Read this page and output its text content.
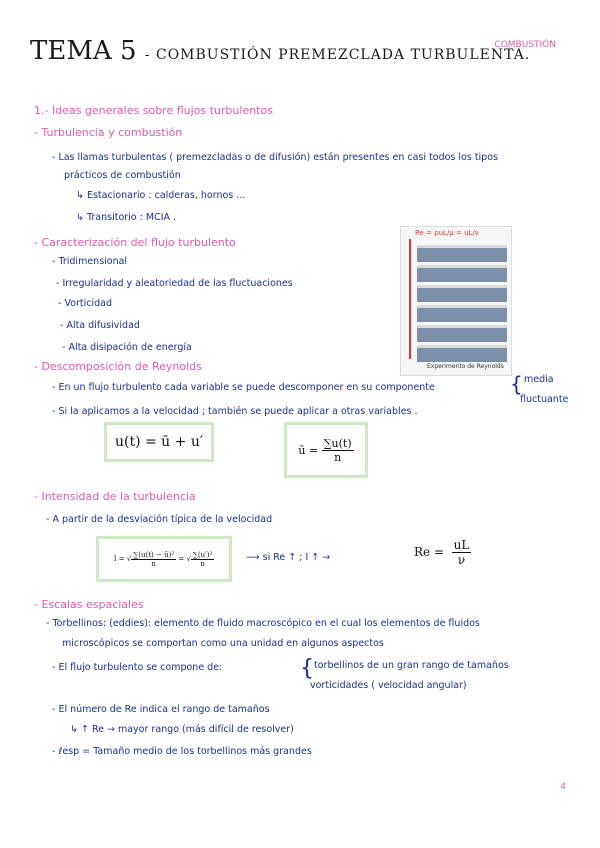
COMBUSTIÓN
TEMA 5 - COMBUSTIÓN PREMEZCLADA TURBULENTA.
1.- Ideas generales sobre flujos turbulentos
- Turbulencia y combustión
- Las llamas turbulentas ( premezcladas o de difusión) están presentes en casi todos los tipos
prácticos de combustión
↳ Estacionario : calderas, hornos ...
↳ Transitorio : MCIA .
- Caracterización del flujo turbulento
- Tridimensional
- Irregularidad y aleatoriedad de las fluctuaciones
- Vorticidad
- Alta difusividad
- Alta disipación de energía
Re = ρuL/μ = uL/ν
Experimento de Reynolds
- Descomposición de Reynolds
- En un flujo turbulento cada variable se puede descomponer en su componente	{ media
fluctuante
- Si la aplicamos a la velocidad ; también se puede aplicar a otras variables .
u(t) = ū + u′	ū =
$\frac{\sum u(t)}{n}$
- Intensidad de la turbulencia
- A partir de la desviación típica de la velocidad
I = √ $\frac{\text{∑(u(t) − ū)²}}{n}$ = √ $\frac{\text{∑(u′)²}}{n}$	⟶ si Re ↑ ; I ↑ →	$Re = \frac{uL}{\nu}$
- Escalas espaciales
- Torbellinos: (eddies): elemento de fluido macroscópico en el cual los elementos de fluidos
microscópicos se comportan como una unidad en algunos aspectos
- El flujo turbulento se compone de:	{ torbellinos de un gran rango de tamaños
vorticidades ( velocidad angular)
- El número de Re indica el rango de tamaños
↳ ↑ Re → mayor rango (más difícil de resolver)
- ℓesp = Tamaño medio de los torbellinos más grandes
4
